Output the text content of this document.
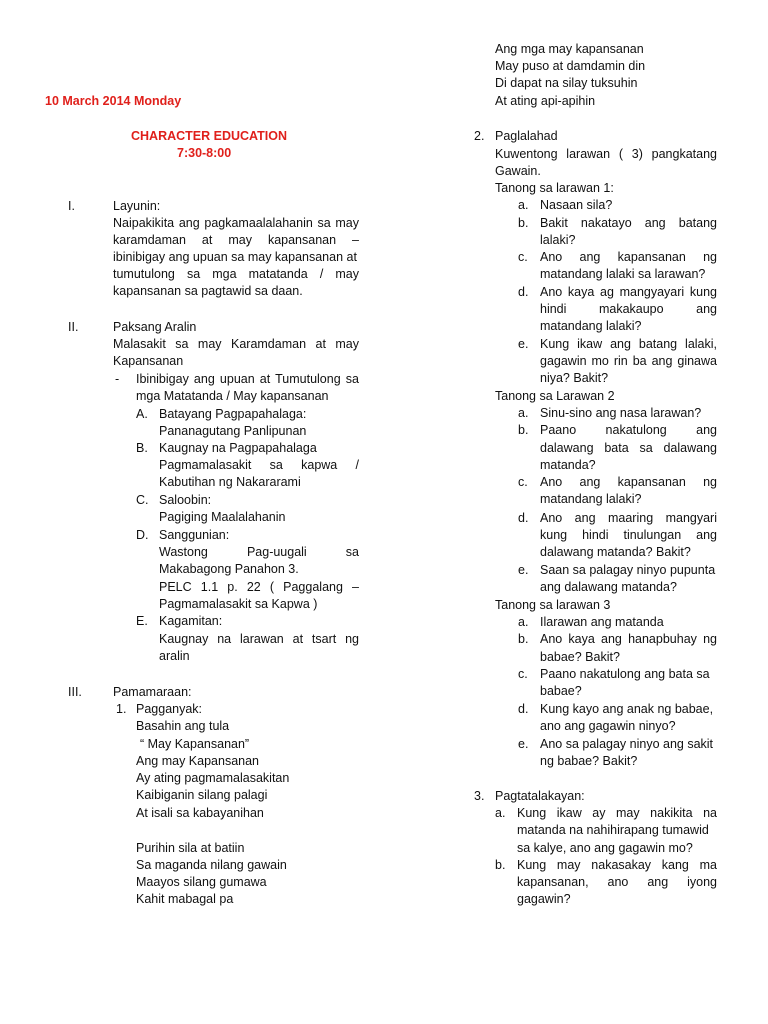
10 March 2014 Monday
CHARACTER EDUCATION
7:30-8:00
I.	Layunin:
Naipakikita ang pagkamaalalahanin sa may
karamdaman at may kapansanan –
ibinibigay ang upuan sa may kapansanan at
tumutulong sa mga matatanda / may
kapansanan sa pagtawid sa daan.
II.	Paksang Aralin
Malasakit sa may Karamdaman at may
Kapansanan
- Ibinibigay ang upuan at Tumutulong sa
mga Matatanda / May kapansanan
A. Batayang Pagpapahalaga:
Pananagutang Panlipunan
B. Kaugnay na Pagpapahalaga
Pagmamalasakit sa kapwa /
Kabutihan ng Nakararami
C. Saloobin:
Pagiging Maalalahanin
D. Sanggunian:
Wastong Pag-uugali sa
Makabagong Panahon 3.
PELC 1.1 p. 22 ( Paggalang –
Pagmamalasakit sa Kapwa )
E. Kagamitan:
Kaugnay na larawan at tsart ng
aralin
III. Pamamaraan:
1. Pagganyak:
Basahin ang tula
“ May Kapansanan”
Ang may Kapansanan
Ay ating pagmamalasakitan
Kaibiganin silang palagi
At isali sa kabayanihan
Purihin sila at batiin
Sa maganda nilang gawain
Maayos silang gumawa
Kahit mabagal pa
Ang mga may kapansanan
May puso at damdamin din
Di dapat na silay tuksuhin
At ating api-apihin
2. Paglalahad
Kuwentong larawan ( 3) pangkatang
Gawain.
Tanong sa larawan 1:
a. Nasaan sila?
b. Bakit nakatayo ang batang
lalaki?
c. Ano ang kapansanan ng
matandang lalaki sa larawan?
d. Ano kaya ag mangyayari kung
hindi makakaupo ang
matandang lalaki?
e. Kung ikaw ang batang lalaki,
gagawin mo rin ba ang ginawa
niya? Bakit?
Tanong sa Larawan 2
a. Sinu-sino ang nasa larawan?
b. Paano nakatulong ang
dalawang bata sa dalawang
matanda?
c. Ano ang kapansanan ng
matandang lalaki?
d. Ano ang maaring mangyari
kung hindi tinulungan ang
dalawang matanda? Bakit?
e. Saan sa palagay ninyo pupunta
ang dalawang matanda?
Tanong sa larawan 3
a. Ilarawan ang matanda
b. Ano kaya ang hanapbuhay ng
babae? Bakit?
c. Paano nakatulong ang bata sa
babae?
d. Kung kayo ang anak ng babae,
ano ang gagawin ninyo?
e. Ano sa palagay ninyo ang sakit
ng babae? Bakit?
3. Pagtatalakayan:
a. Kung ikaw ay may nakikita na
matanda na nahihirapang tumawid
sa kalye, ano ang gagawin mo?
b. Kung may nakasakay kang ma
kapansanan, ano ang iyong
gagawin?
